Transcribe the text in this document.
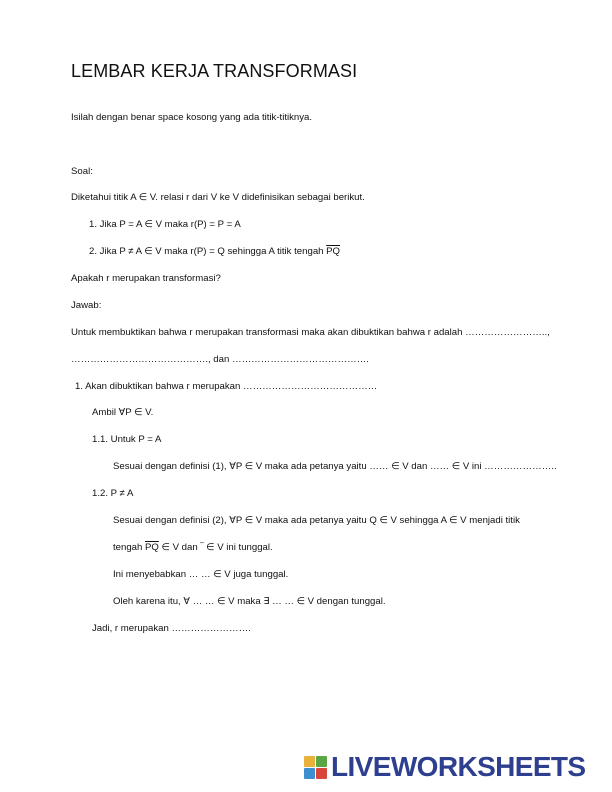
LEMBAR KERJA TRANSFORMASI
Isilah dengan benar space kosong yang ada titik-titiknya.
Soal:
Diketahui titik A ∈ V. relasi r dari V ke V didefinisikan sebagai berikut.
1. Jika P = A ∈ V maka r(P) = P = A
2. Jika P ≠ A ∈ V maka r(P) = Q sehingga A titik tengah $\overline{PQ}$
Apakah r merupakan transformasi?
Jawab:
Untuk membuktikan bahwa r merupakan transformasi maka akan dibuktikan bahwa r adalah ……………………..,
……………………………………., dan …………………………………….
1. Akan dibuktikan bahwa r merupakan ……………………………………
Ambil ∀P ∈ V.
1.1. Untuk P = A
Sesuai dengan definisi (1), ∀P ∈ V maka ada petanya yaitu …… ∈ V dan …… ∈ V ini …………………..
1.2. P ≠ A
Sesuai dengan definisi (2), ∀P ∈ V maka ada petanya yaitu Q ∈ V sehingga A ∈ V menjadi titik
tengah $\overline{PQ}$ ∈ V dan ‾ ∈ V ini tunggal.
Ini menyebabkan … … ∈ V juga tunggal.
Oleh karena itu, ∀ … … ∈ V maka ∃ … … ∈ V dengan tunggal.
Jadi, r merupakan …………………….
LIVEWORKSHEETS
